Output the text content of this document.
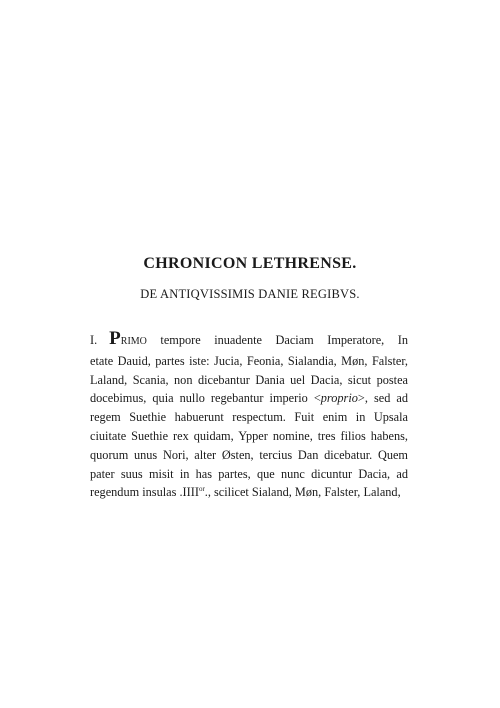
CHRONICON LETHRENSE.
DE ANTIQVISSIMIS DANIE REGIBVS.
I. PRIMO tempore inuadente Daciam Imperatore, In
etate Dauid, partes iste: Jucia, Feonia, Sialandia, Møn, Falster,
Laland, Scania, non dicebantur Dania uel Dacia, sicut postea
docebimus, quia nullo regebantur imperio <proprio>, sed ad
regem Suethie habuerunt respectum. Fuit enim in Upsala
ciuitate Suethie rex quidam, Ypper nomine, tres filios habens,
quorum unus Nori, alter Østen, tercius Dan dicebatur. Quem
pater suus misit in has partes, que nunc dicuntur Dacia, ad
regendum insulas $.IIII^{or}$., scilicet Sialand, Møn, Falster, Laland,
